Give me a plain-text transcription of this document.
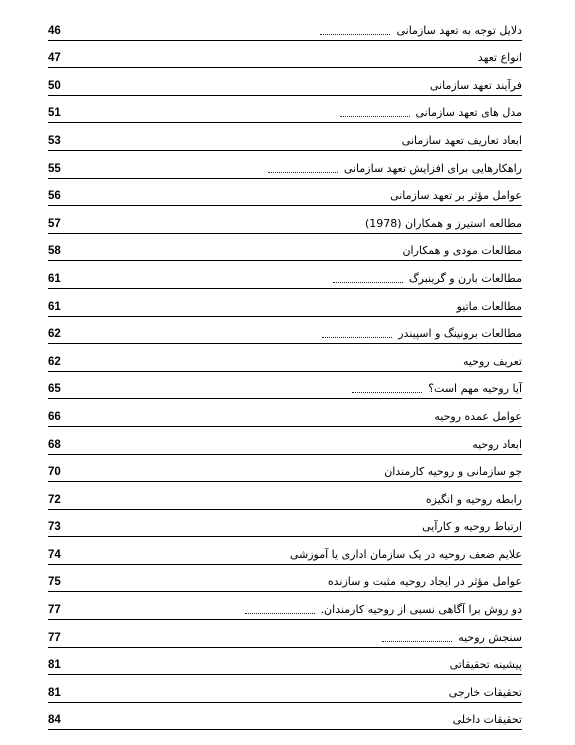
46	دلایل توجه به تعهد سازمانی
47	انواع تعهد
50	فرآیند تعهد سازمانی
51	مدل های تعهد سازمانی
53	ابعاد تعاریف تعهد سازمانی
55	راهکارهایی برای افزایش تعهد سازمانی
56	عوامل مؤثر بر تعهد سازمانی
57	مطالعه استیرز و همکاران (1978)
58	مطالعات مودی و همکاران
61	مطالعات بارن و گرینبرگ
61	مطالعات ماتیو
62	مطالعات برونینگ و اسپیندر
62	تعریف روحیه
65	آیا روحیه مهم است؟
66	عوامل عمده روحیه
68	ابعاد روحیه
70	جو سازمانی و روحیه کارمندان
72	رابطه روحیه و انگیزه
73	ارتباط روحیه و کارآیی
74	علایم ضعف روحیه در یک سازمان اداری یا آموزشی
75	عوامل مؤثر در ایجاد روحیه مثبت و سازنده
77	دو روش برا آگاهی نسبی از روحیه کارمندان.
77	سنجش روحیه
81	پیشینه تحقیقاتی
81	تحقیقات خارجی
84	تحقیقات داخلی
